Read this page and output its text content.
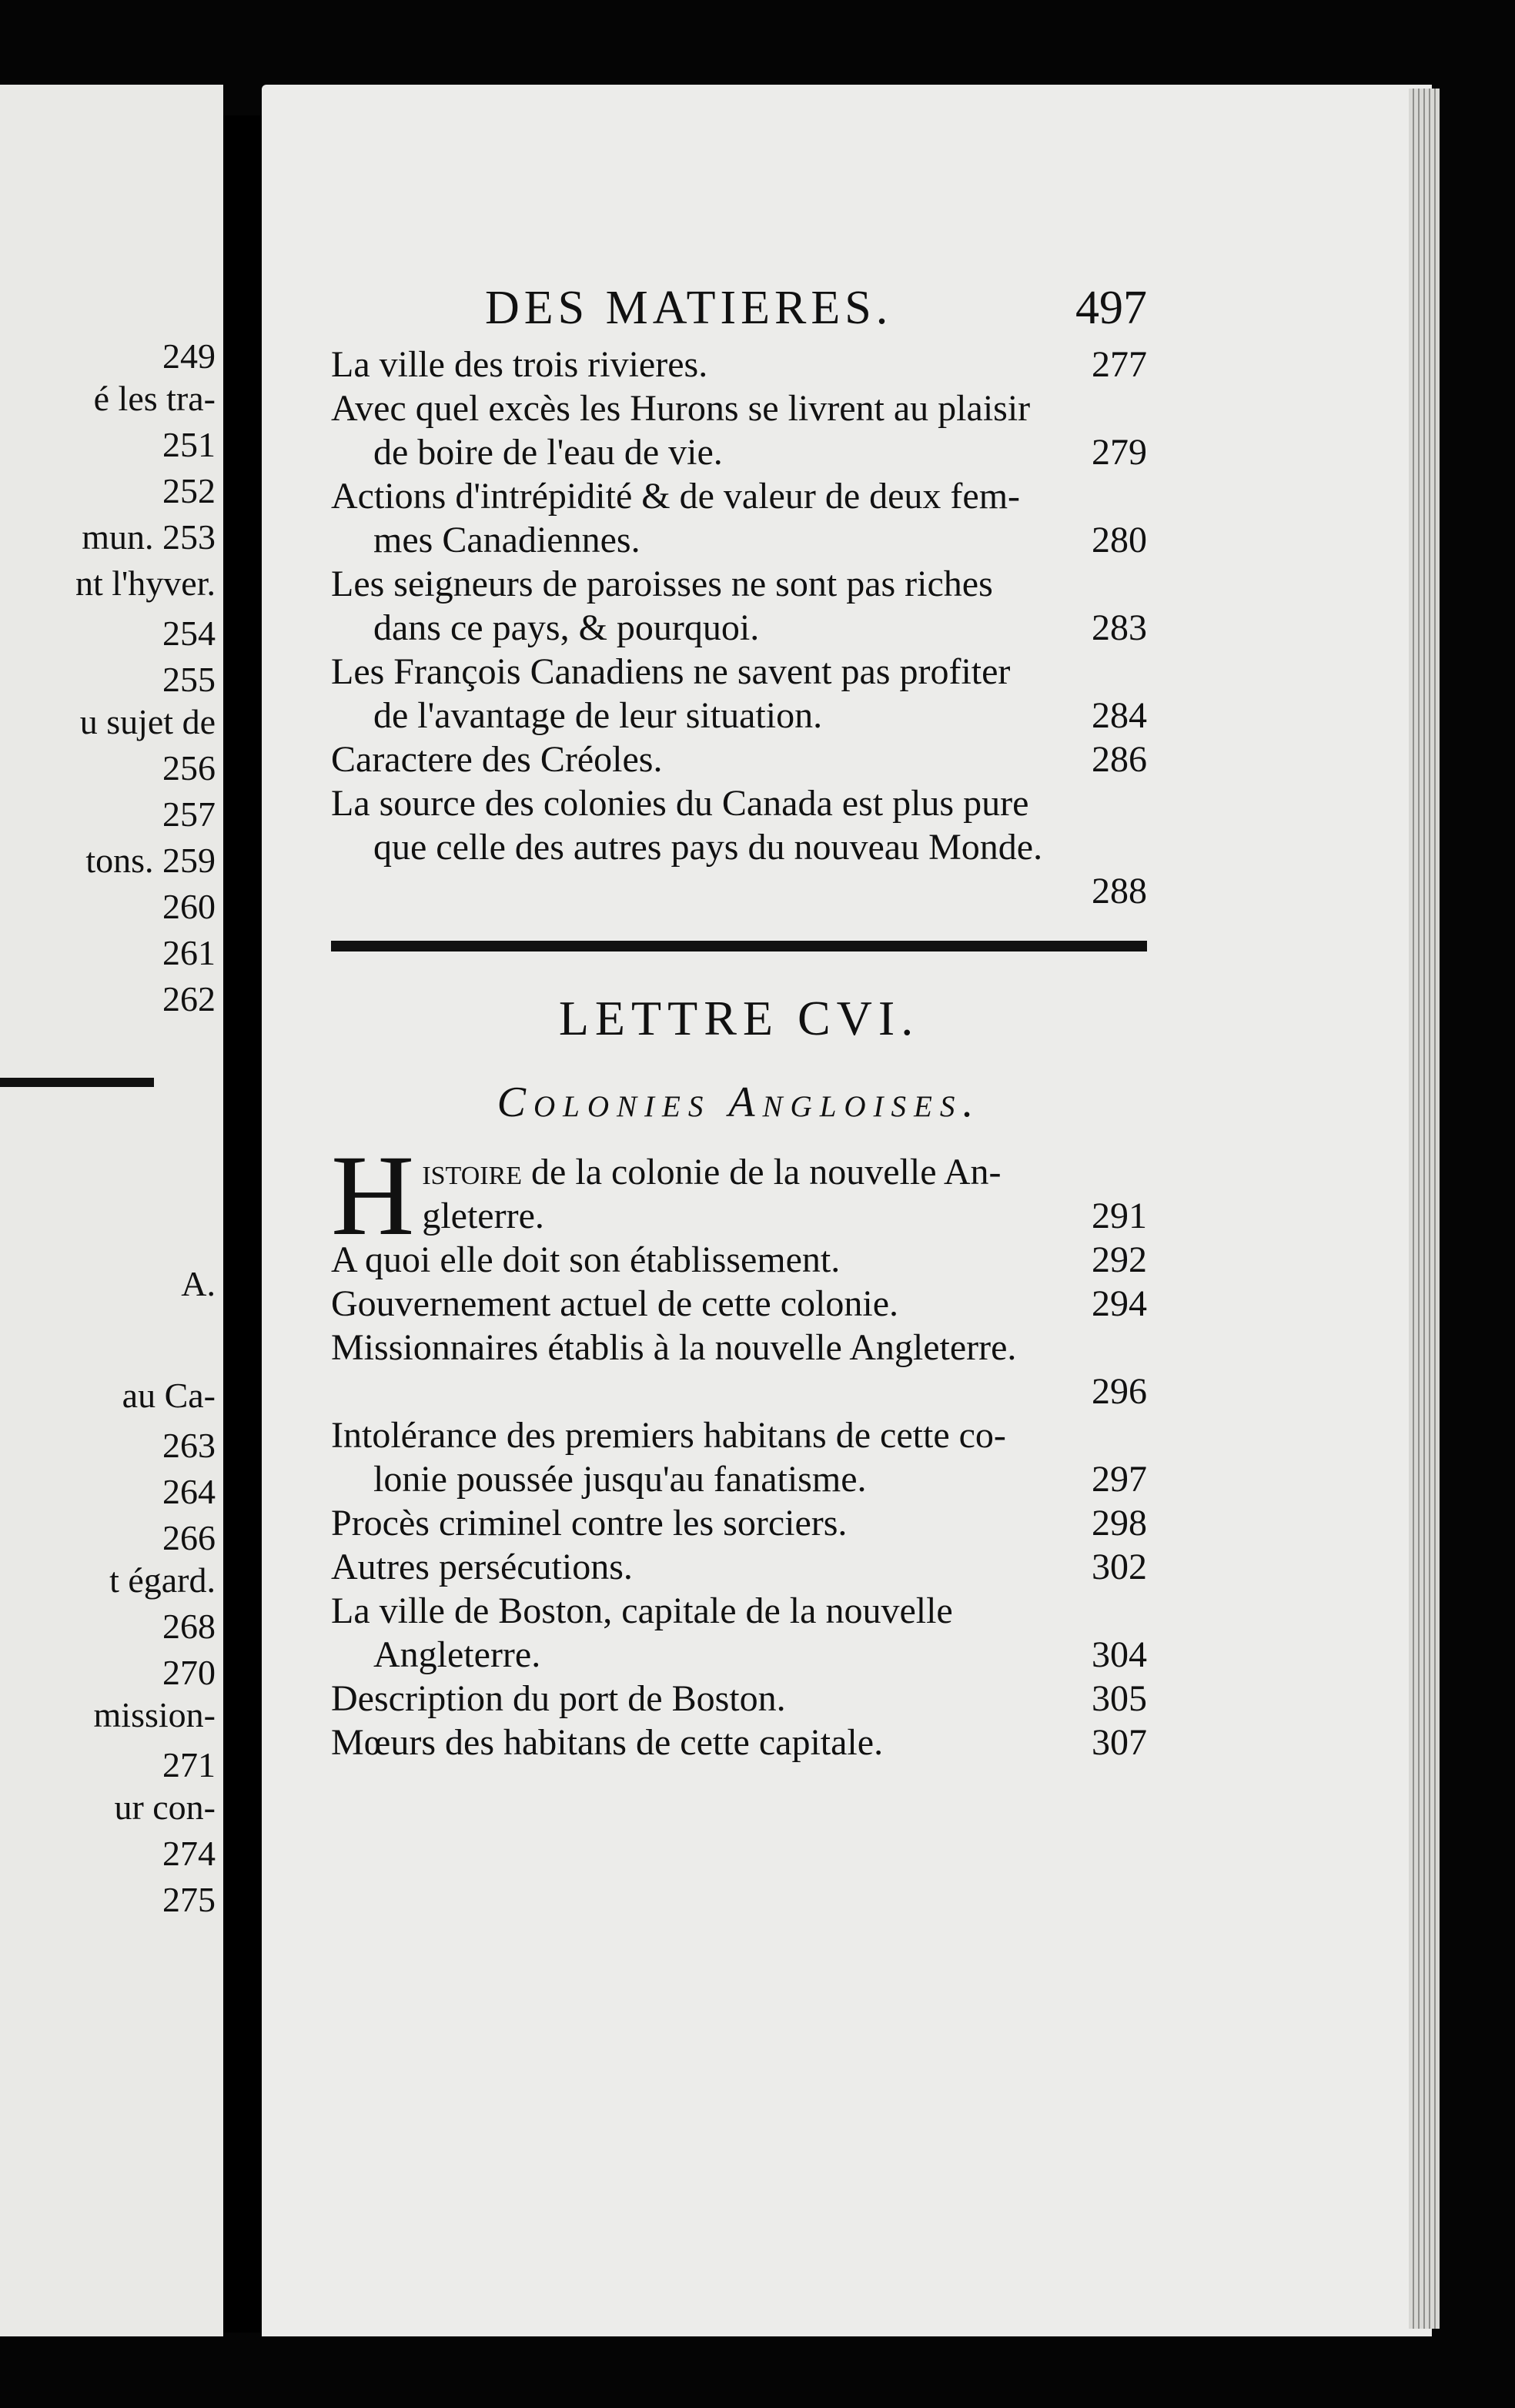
249
é les tra-
251
252
mun. 253
nt l'hyver.
254
255
u sujet de
256
257
tons. 259
260
261
262
A.
au Ca-
263
264
266
t égard.
268
270
mission-
271
ur con-
274
275
DES MATIERES.	497
La ville des trois rivieres.	277
Avec quel excès les Hurons se livrent au plaisir
de boire de l'eau de vie.	279
Actions d'intrépidité & de valeur de deux fem-
mes Canadiennes.	280
Les seigneurs de paroisses ne sont pas riches
dans ce pays, & pourquoi.	283
Les François Canadiens ne savent pas profiter
de l'avantage de leur situation.	284
Caractere des Créoles.	286
La source des colonies du Canada est plus pure
que celle des autres pays du nouveau Monde.
288
LETTRE CVI.
Colonies Angloises.
H istoire de la colonie de la nouvelle An-
gleterre.	291
A quoi elle doit son établissement.	292
Gouvernement actuel de cette colonie.	294
Missionnaires établis à la nouvelle Angleterre.
296
Intolérance des premiers habitans de cette co-
lonie poussée jusqu'au fanatisme.	297
Procès criminel contre les sorciers.	298
Autres persécutions.	302
La ville de Boston, capitale de la nouvelle
Angleterre.	304
Description du port de Boston.	305
Mœurs des habitans de cette capitale.	307
